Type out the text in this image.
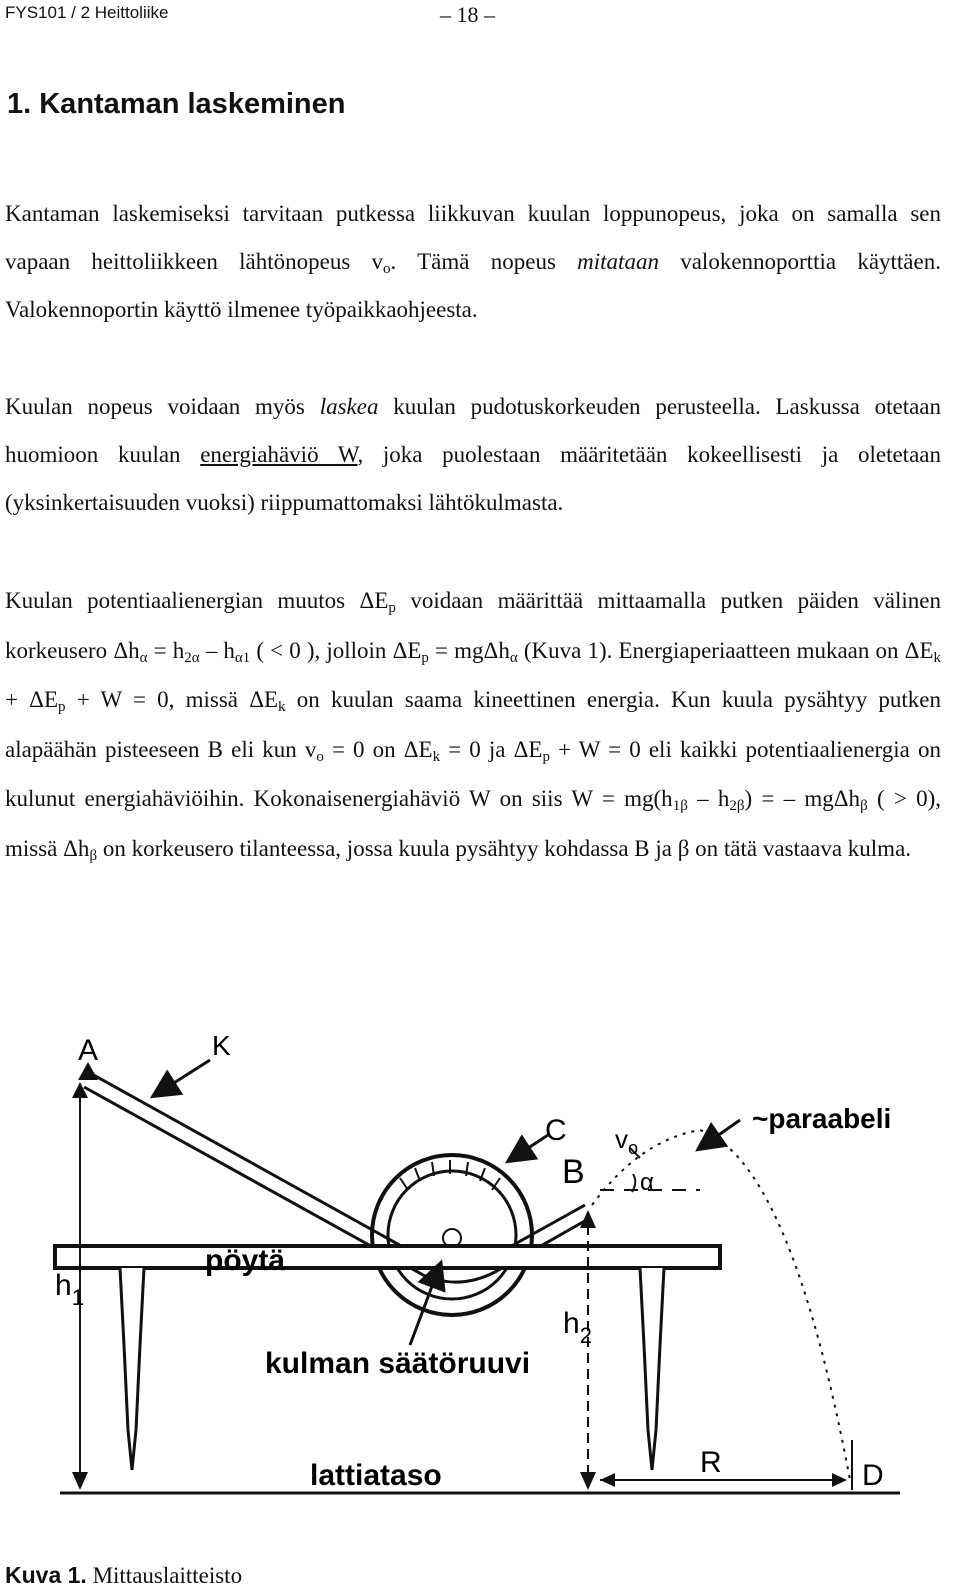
FYS101 / 2 Heittoliike	– 18 –
1. Kantaman laskeminen
Kantaman laskemiseksi tarvitaan putkessa liikkuvan kuulan loppunopeus, joka on samalla sen vapaan heittoliikkeen lähtönopeus $v_o$. Tämä nopeus mitataan valokennoporttia käyttäen. Valokennoportin käyttö ilmenee työpaikkaohjeesta.
Kuulan nopeus voidaan myös laskea kuulan pudotuskorkeuden perusteella. Laskussa otetaan huomioon kuulan energiahäviö W, joka puolestaan määritetään kokeellisesti ja oletetaan (yksinkertaisuuden vuoksi) riippumattomaksi lähtökulmasta.
Kuulan potentiaalienergian muutos $\Delta E_p$ voidaan määrittää mittaamalla putken päiden välinen korkeusero $\Delta h_\alpha = h_{2\alpha} - h_{\alpha 1}$ ( < 0 ), jolloin $\Delta E_p = mg\Delta h_\alpha$ (Kuva 1). Energiaperiaatteen mukaan on $\Delta E_k + \Delta E_p + W = 0$, missä $\Delta E_k$ on kuulan saama kineettinen energia. Kun kuula pysähtyy putken alapäähän pisteeseen B eli kun $v_o = 0$ on $\Delta E_k = 0$ ja $\Delta E_p + W = 0$ eli kaikki potentiaalienergia on kulunut energiahäviöihin. Kokonaisenergiahäviö W on siis $W = mg(h_{1\beta} - h_{2\beta})$ = – mgΔh$_\beta$ ( > 0), missä $\Delta h_\beta$ on korkeusero tilanteessa, jossa kuula pysähtyy kohdassa B ja β on tätä vastaava kulma.
A	K
C
B
$v_o$
α
~paraabeli
pöytä
$h_1$
$h_2$
kulman säätöruuvi
lattiataso	R	D
Kuva 1. Mittauslaitteisto
